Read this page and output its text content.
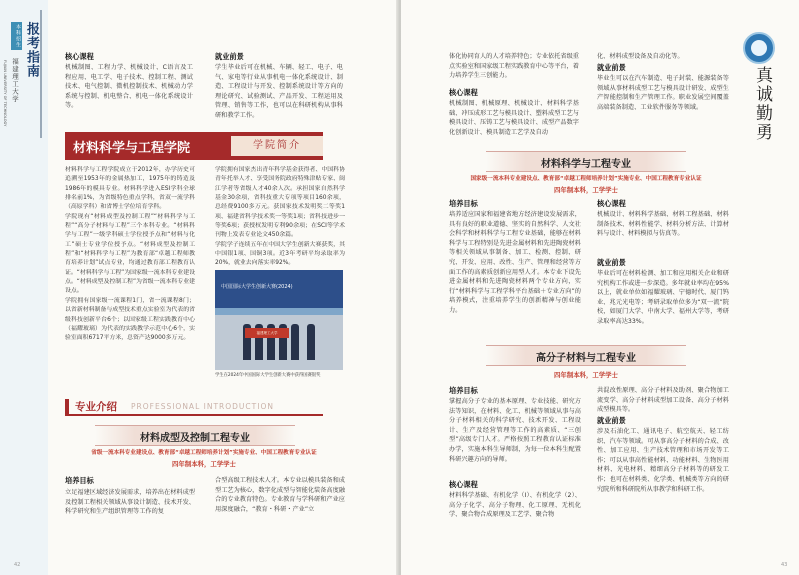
本科招生 报考指南
福建理工大学
FUJIAN UNIVERSITY OF TECHNOLOGY

核心课程

机械制图、工程力学、机械设计、C语言及工程应用、电工学、电子技术、控制工程、测试技术、电气控制、微机控制技术、机械动力学系统与控制、机电整合、机电一体化系统设计等。

就业前景

学生毕业后可在机械、车辆、轻工、电子、电气、家电等行业从事机电一体化系统设计、制造、工程设计与开发、控制系统设计等方向的理论研究、试验测试、产品开发、工程运用及管理、销售等工作，也可以在科研机构从事科研和教学工作。

材料科学与工程学院	学院简介

材料科学与工程学院成立于2012年，办学历史可追溯至1953年的金属热加工，1975年的铸造及1986年的模具专业。材料科学进入ESI学科全球排名前1%，为省级特色重点学科，省双一流学科（高原学科）和省博士学位培育学科。
学院现有“材料成型及控制工程”“材料科学与工程”“高分子材料与工程”三个本科专业。“材料科学与工程”一级学科硕士学位授予点和“材料与化工”硕士专业学位授予点。“材料成型及控制工程”和“材料科学与工程”为教育部“卓越工程师教育培养计划”试点专业，均通过教育部工程教育认证。“材料科学与工程”为国家级一流本科专业建设点。“材料成型及控制工程”为省级一流本科专业建设点。
学院拥有国家级一流课程1门，省一流课程8门；以省新材料制备与成型技术重点实验室为代表的省级科技创新平台6个；以国家级工程实践教育中心（福耀玻璃）为代表的实践教学示范中心6个，实验室面积6717平方米，总资产达9000多万元。

学院拥有国家杰出青年科学基金获得者、中国科协青年托举人才、享受国务院政府特殊津贴专家、闽江学者等省级人才40余人次。承担国家自然科学基金30余项，省科技重大专项等项目160余项，总经费9100多万元。获国家技术发明奖二等奖1项、福建省科学技术奖一等奖1项；省科技进步一等奖6项；获授权发明专利90余项；在SCI等学术刊物上发表专业论文450余篇。
学院学子连续五年在中国大学生创新大赛获奖，其中国银1项、国铜3项。近3年考研平均录取率为20%，就业去向落实率92%。

中国国际大学生创新大赛(2024)
福建理工大学

学生在2024年中国国际大学生创新大赛中获得国赛银奖

专业介绍 PROFESSIONAL INTRODUCTION
材料成型及控制工程专业

省级一流本科专业建设点、教育部“卓越工程师培养计划”实施专业、中国工程教育专业认证

四年制本科，工学学士

培养目标

立足福建区域经济发展需求，培养出在材料成型及控制工程相关领域从事设计制造、技术开发、科学研究和生产组织管理等工作的复

合型高级工程技术人才。本专业以模具装备和成型工艺为核心，数字化成型与智能化装备高度融合的专业教育特色。专业教育与学科研和产业应用深度融合，“教育・科研・产业”立

42

体化协同育人的人才培养特色；专业依托省级重点实验室和国家级工程实践教育中心等平台，着力培养学生三创能力。

核心课程

机械制图、机械原理、机械设计、材料科学基础、冲压成形工艺与模具设计、塑料成型工艺与模具设计、压铸工艺与模具设计、成型产品数字化创新设计、模具制造工艺学及自动

化、材料成型设备及自动化等。

就业前景

毕业生可以在汽车制造、电子封装、能源装备等领域从事材料成型工艺与模具设计研发、成型生产智能控制和生产管理工作。职业发展空间覆盖高端装备制造、工业软件服务等领域。	真诚勤勇
材料科学与工程专业

国家级一流本科专业建设点、教育部“卓越工程师培养计划”实施专业、中国工程教育专业认证

四年制本科，工学学士

培养目标

培养适应国家和福建省地方经济建设发展需求，具有良好的职业道德、坚实的自然科学、人文社会科学和材料科学与工程专业基础，能够在材料科学与工程特别是先进金属材料和先进陶瓷材料等相关领域从事制备、加工、检测、控制、研究、开发、应用、改性、生产、管理和经营等方面工作的高素质创新应用型人才。本专业下设先进金属材料和先进陶瓷材料两个专业方向，实行“材料科学与工程学科平台基础＋专业方向”的培养模式，注重培养学生的创新精神与创业能力。

核心课程

机械设计、材料科学基础、材料工程基础、材料制备技术、材料性能学、材料分析方法、计算材料与设计、材料模拟与仿真等。

就业前景

毕业后可在材料检测、加工和应用相关企业和研究机构工作或进一步深造。多年就业率均在95%以上，就业单位如福耀玻璃、宁德时代、厦门钨业、兆元光电等；考研录取单位多为“双一流”院校，如厦门大学、中南大学、福州大学等，考研录取率高达33%。

高分子材料与工程专业

四年制本科，工学学士

培养目标

掌握高分子专业的基本原理、专业技能、研究方法等知识，在材料、化工、机械等领域从事与高分子材料相关的科学研究、技术开发、工程设计、生产及经营管理等工作的高素质、“三创型”高级专门人才。严格按照工程教育认证标准办学，实施本科生导师制，为每一位本科生配置科研兴趣方向的导师。

核心课程

材料科学基础、有机化学（I）、有机化学（2）、高分子化学、高分子物理、化工原理、无机化学、聚合物合成原理及工艺学、聚合物

共混改性原理、高分子材料及助剂、聚合物加工流变学、高分子材料成型加工设备、高分子材料成型模具等。

就业前景

涉及石油化工、通讯电子、航空航天、轻工纺织、汽车等领域。可从事高分子材料的合成、改性、加工应用、生产技术管理和市场开发等工作；可以从事高性能材料、功能材料、生物医用材料、光电材料、精细高分子材料等的研发工作；也可在材料类、化学类、机械类等方向的研究院所和科研院所从事教学和科研工作。

43
